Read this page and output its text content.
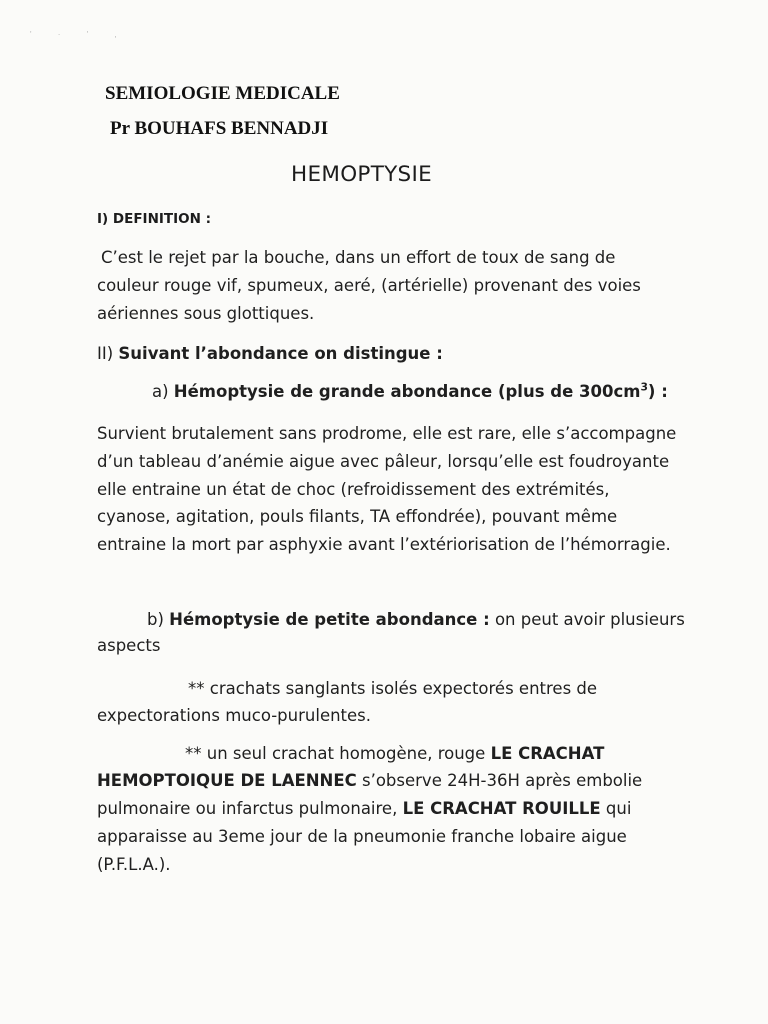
' · ' ,
SEMIOLOGIE MEDICALE
Pr BOUHAFS BENNADJI
HEMOPTYSIE
I) DEFINITION :
C’est le rejet par la bouche, dans un effort de toux de sang de
couleur rouge vif, spumeux, aeré, (artérielle) provenant des voies
aériennes sous glottiques.
II) Suivant l’abondance on distingue :
a) Hémoptysie de grande abondance (plus de $300cm^3$) :
Survient brutalement sans prodrome, elle est rare, elle s’accompagne
d’un tableau d’anémie aigue avec pâleur, lorsqu’elle est foudroyante
elle entraine un état de choc (refroidissement des extrémités,
cyanose, agitation, pouls filants, TA effondrée), pouvant même
entraine la mort par asphyxie avant l’extériorisation de l’hémorragie.
b) Hémoptysie de petite abondance : on peut avoir plusieurs
aspects
** crachats sanglants isolés expectorés entres de
expectorations muco-purulentes.
** un seul crachat homogène, rouge LE CRACHAT
HEMOPTOIQUE DE LAENNEC s’observe 24H-36H après embolie
pulmonaire ou infarctus pulmonaire, LE CRACHAT ROUILLE qui
apparaisse au 3eme jour de la pneumonie franche lobaire aigue
(P.F.L.A.).
